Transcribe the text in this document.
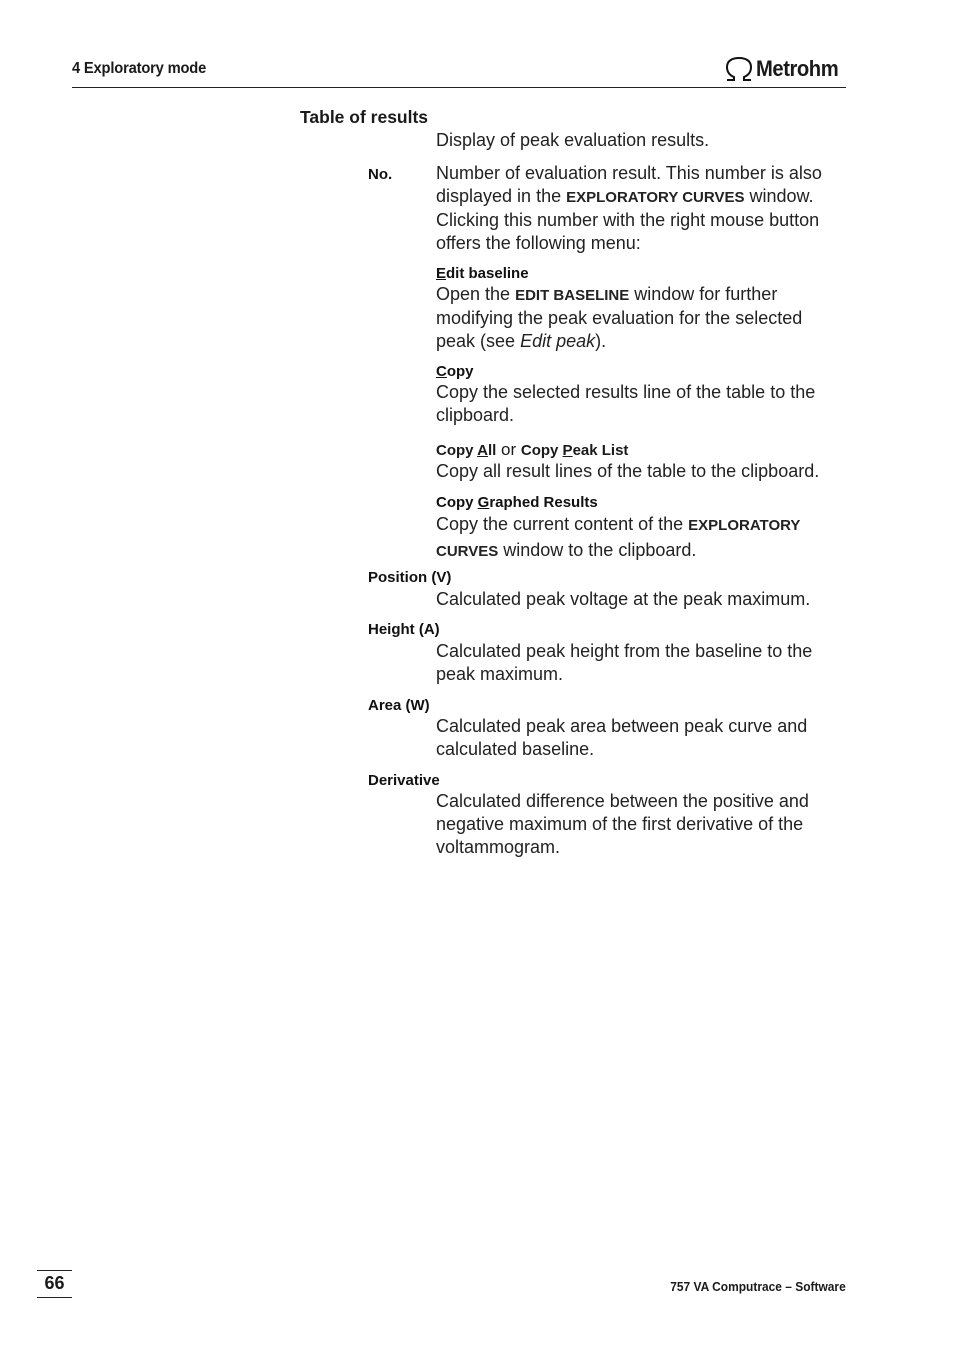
4 Exploratory mode	Metrohm
Table of results
Display of peak evaluation results.
No. Number of evaluation result. This number is also displayed in the EXPLORATORY CURVES window. Clicking this number with the right mouse button offers the following menu:
Edit baseline
Open the EDIT BASELINE window for further modifying the peak evaluation for the selected peak (see Edit peak).
Copy
Copy the selected results line of the table to the clipboard.
Copy All or Copy Peak List
Copy all result lines of the table to the clipboard.
Copy Graphed Results
Copy the current content of the EXPLORATORY CURVES window to the clipboard.
Position (V)
Calculated peak voltage at the peak maximum.
Height (A)
Calculated peak height from the baseline to the peak maximum.
Area (W)
Calculated peak area between peak curve and calculated baseline.
Derivative
Calculated difference between the positive and negative maximum of the first derivative of the voltammogram.
66	757 VA Computrace – Software
